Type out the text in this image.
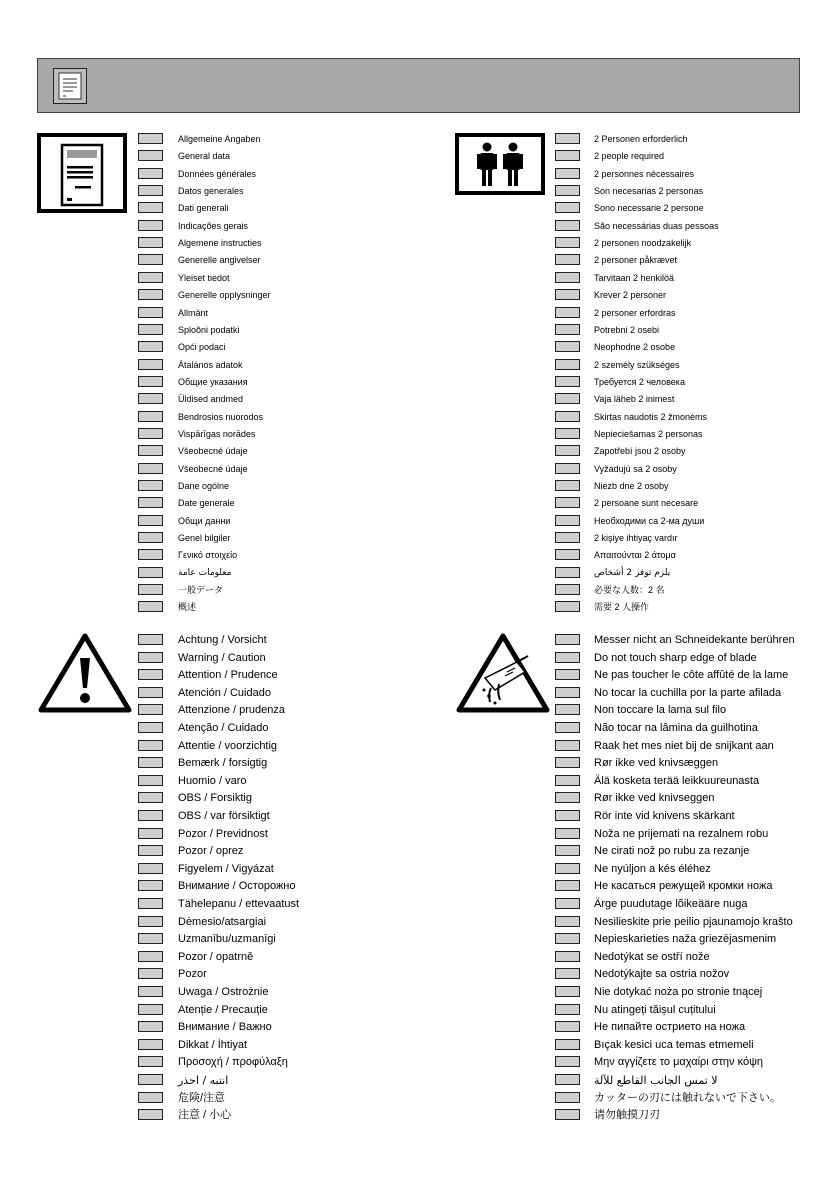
Allgemeine Angaben
General data
Données générales
Datos generales
Dati generali
Indicações gerais
Algemene instructies
Generelle angivelser
Yleiset tiedot
Generelle opplysninger
Allmänt
Sploŏni podatki
Opći podaci
Átalános adatok
Общие указания
Üldised andmed
Bendrosios nuorodos
Vispārīgas norādes
Všeobecné údaje
Všeobecné údaje
Dane ogólne
Date generale
Общи данни
Genel bilgiler
Γενικό στοιχείο
معلومات عامة
一般データ
概述
2 Personen erforderlich
2 people required
2 personnes nécessaires
Son necesarias 2 personas
Sono necessarie 2 persone
São necessárias duas pessoas
2 personen noodzakelijk
2 personer påkrævet
Tarvitaan 2 henkilöä
Krever 2 personer
2 personer erfordras
Potrebni 2 osebi
Neophodne 2 osobe
2 személy szükséges
Требуется 2 человека
Vaja läheb 2 inimest
Skirtas naudotis 2 žmonėms
Nepieciešamas 2 personas
Zapotřebí jsou 2 osoby
Vyžadujú sa 2 osoby
Niezb dne 2 osoby
2 persoane sunt necesare
Необходими са 2-ма души
2 kişiye ihtiyaç vardır
Απαιτούνται 2 άτομα
يلزم توفر 2 أشخاص
必要な人数：2 名
需要 2 人操作
Achtung / Vorsicht
Warning / Caution
Attention / Prudence
Atención / Cuidado
Attenzione / prudenza
Atenção / Cuidado
Attentie / voorzichtig
Bemærk / forsigtig
Huomio / varo
OBS / Forsiktig
OBS / var försiktigt
Pozor / Previdnost
Pozor / oprez
Figyelem / Vigyázat
Внимание / Осторожно
Tähelepanu / ettevaatust
Dėmesio/atsargiai
Uzmanību/uzmanīgi
Pozor / opatrně
Pozor
Uwaga / Ostrożnie
Atenție / Precauție
Внимание / Важно
Dikkat / İhtiyat
Προσοχή / προφύλαξη
انتبه / احذر
危険/注意
注意 / 小心
Messer nicht an Schneidekante berühren
Do not touch sharp edge of blade
Ne pas toucher le côte affûté de la lame
No tocar la cuchilla por la parte afilada
Non toccare la lama sul filo
Não tocar na lâmina da guilhotina
Raak het mes niet bij de snijkant aan
Rør ikke ved knivsæggen
Älä kosketa terää leikkuureunasta
Rør ikke ved knivseggen
Rör inte vid knivens skärkant
Noža ne prijemati na rezalnem robu
Ne cirati nož po rubu za rezanje
Ne nyúljon a kés éléhez
Не касаться режущей кромки ножа
Ärge puudutage lõikeääre nuga
Nesilieskite prie peilio pjaunamojo krašto
Nepieskarieties naža griezējasmenim
Nedotýkat se ostří nože
Nedotýkajte sa ostria nožov
Nie dotykać noża po stronie tnącej
Nu atingeți tăișul cuțitului
Не пипайте острието на ножа
Bıçak kesici uca temas etmemeli
Μην αγγίζετε το μαχαίρι στην κόψη
لا تمس الجانب القاطع للآلة
カッターの刃には触れないで下さい。
请勿触摸刀刃
